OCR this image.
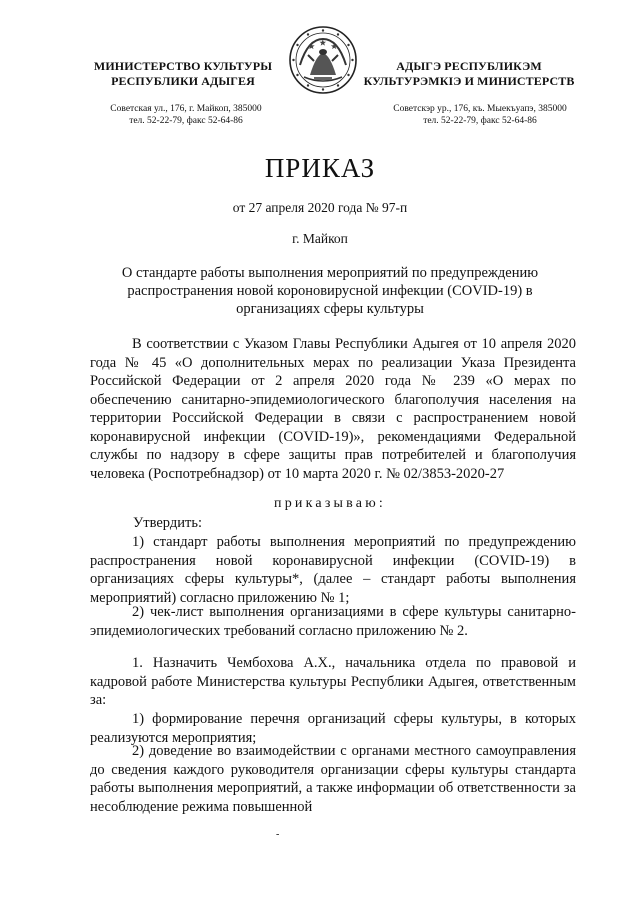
МИНИСТЕРСТВО КУЛЬТУРЫ
РЕСПУБЛИКИ АДЫГЕЯ
Советская ул., 176, г. Майкоп, 385000
тел. 52-22-79, факс 52-64-86
АДЫГЭ РЕСПУБЛИКЭМ
КУЛЬТУРЭМКIЭ И МИНИСТЕРСТВ
Советскэр ур., 176, къ. Мыекъуапэ, 385000
тел. 52-22-79, факс 52-64-86
ПРИКАЗ
от 27 апреля 2020 года № 97-п
г. Майкоп
О стандарте работы выполнения мероприятий по предупреждению распространения новой короновирусной инфекции (COVID-19) в организациях сферы культуры

В соответствии с Указом Главы Республики Адыгея от 10 апреля 2020 года № 45 «О дополнительных мерах по реализации Указа Президента Российской Федерации от 2 апреля 2020 года № 239 «О мерах по обеспечению санитарно-эпидемиологического благополучия населения на территории Российской Федерации в связи с распространением новой коронавирусной инфекции (COVID-19)», рекомендациями Федеральной службы по надзору в сфере защиты прав потребителей и благополучия человека (Роспотребнадзор) от 10 марта 2020 г. № 02/3853-2020-27

приказываю:
Утвердить:

1) стандарт работы выполнения мероприятий по предупреждению распространения новой коронавирусной инфекции (COVID-19) в организациях сферы культуры*, (далее – стандарт работы выполнения мероприятий) согласно приложению № 1;

2) чек-лист выполнения организациями в сфере культуры санитарно-эпидемиологических требований согласно приложению № 2.

1. Назначить Чембохова А.Х., начальника отдела по правовой и кадровой работе Министерства культуры Республики Адыгея, ответственным за:

1) формирование перечня организаций сферы культуры, в которых реализуются мероприятия;

2) доведение во взаимодействии с органами местного самоуправления до сведения каждого руководителя организации сферы культуры стандарта работы выполнения мероприятий, а также информации об ответственности за несоблюдение режима повышенной

-
